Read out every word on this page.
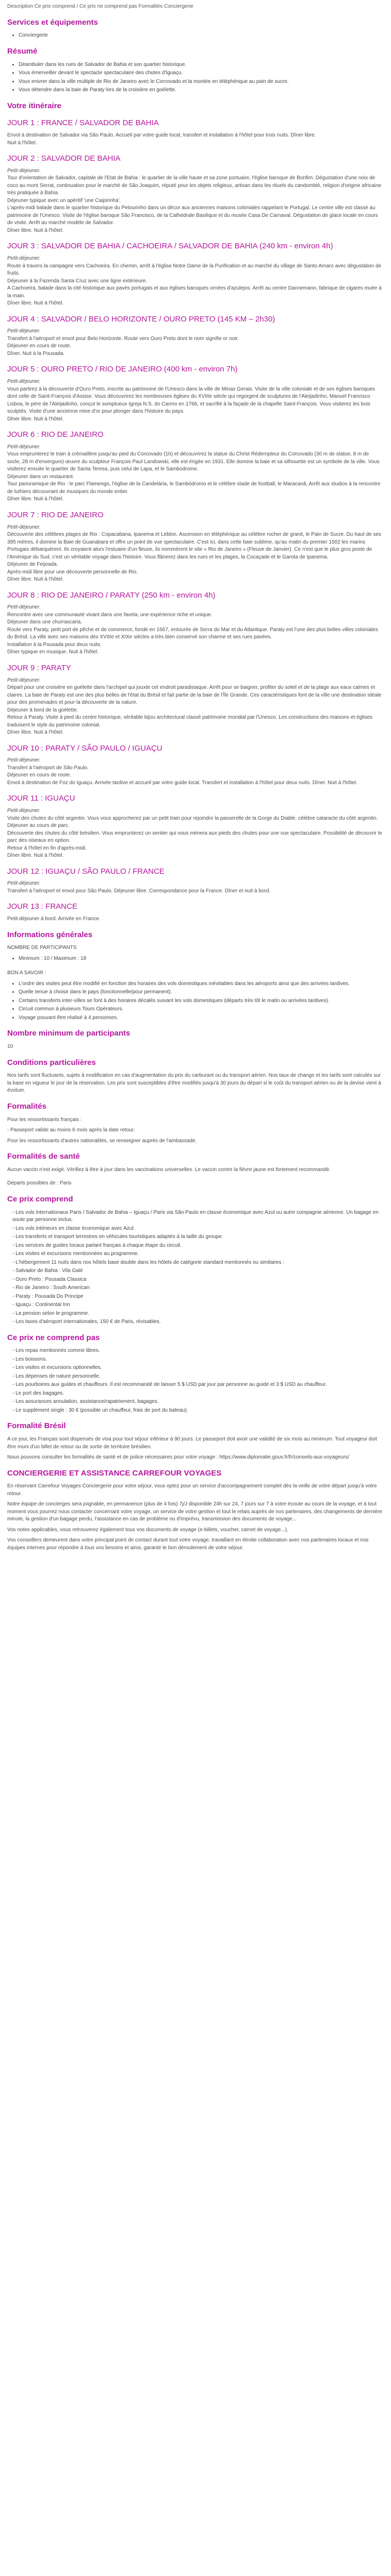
Description Ce prix comprend / Ce prix ne comprend pas Formalités Conciergerie
Services et équipements
• Conciergerie
Résumé
• Déambuler dans les rues de Salvador de Bahia et son quartier historique.
• Vous émerveiller devant le spectacle spectaculaire des chutes d'Iguaçu.
• Vous enivrer dans la ville multiple de Rio de Janeiro avec le Corcovado et la montée en téléphérique au pain de sucre.
• Vous détendre dans la baie de Paraty lors de la croisière en goélette.
Votre itinéraire
JOUR 1 : FRANCE / SALVADOR DE BAHIA

Envol à destination de Salvador via São Paulo. Accueil par votre guide local, transfert et installation à l'hôtel pour trois nuits. Dîner libre.

Nuit à l'hôtel.

JOUR 2 : SALVADOR DE BAHIA

Petit-déjeuner.

Tour d'orientation de Salvador, capitale de l'Etat de Bahia : le quartier de la ville haute et sa zone portuaire, l'église baroque de Bonfim. Dégustation d'une noix de coco au mont Serrat, continuation pour le marché de São Joaquim, réputé pour les objets religieux, artisan dans les rituels du candomblé, religion d'origine africaine très pratiquée à Bahia.

Déjeuner typique avec un apéritif 'une Caipirinha'.

L'après-midi balade dans le quartier historique du Pelourinho dans un décor aux anciennes maisons coloniales rappelant le Portugal. Le centre ville est classé au patrimoine de l'Unesco. Visite de l'église baroque São Francisco, de la Cathédrale Basilique et du musée Casa De Carnaval. Dégustation de glace locale en cours de visite. Arrêt au marché modèle de Salvador.

Dîner libre. Nuit à l'hôtel.

JOUR 3 : SALVADOR DE BAHIA / CACHOEIRA / SALVADOR DE BAHIA (240 km - environ 4h)

Petit-déjeuner.

Route à travers la campagne vers Cachoeira. En chemin, arrêt à l'église Notre Dame de la Purification et au marché du village de Santo Amaro avec dégustation de fruits.

Déjeuner à la Fazenda Santa Cruz avec une ligne extérieure.

A Cachoeira, balade dans la cité historique aux pavés portugais et aux églises baroques ornées d'azulejos. Arrêt au centre Dannemann, fabrique de cigares muée à la main.

Dîner libre. Nuit à l'hôtel.

JOUR 4 : SALVADOR / BELO HORIZONTE / OURO PRETO (145 KM – 2h30)

Petit-déjeuner.

Transfert à l'aéroport et envol pour Belo Horizonte. Route vers Ouro Preto dont le nom signifie or noir.

Déjeuner en cours de route.

Dîner. Nuit à la Pousada.

JOUR 5 : OURO PRETO / RIO DE JANEIRO (400 km - environ 7h)

Petit-déjeuner.

Vous partirez à la découverte d'Ouro Preto, inscrite au patrimoine de l'Unesco dans la ville de Minas Gerais. Visite de la ville coloniale et de ses églises baroques dont celle de Saint-François d'Assise. Vous découvrirez les nombreuses églises du XVIIIe siècle qui regorgent de sculptures de l'Aleijadinho, Manuel Francisco Lisboa, le père de l'Aleijadinho, conçut le somptueux Igreja N.S. do Carmo en 1766, et sacrifié à la façade de la chapelle Saint-François. Vous visiterez les bois sculptés. Visite d'une ancienne mine d'or pour plonger dans l'histoire du pays.

Dîner libre. Nuit à l'hôtel.

JOUR 6 : RIO DE JANEIRO

Petit-déjeuner.

Vous emprunterez le train à crémaillère jusqu'au pied du Corcovado (1h) et découvrirez la statue du Christ Rédempteur du Corcovado (30 m de statue, 8 m de socle, 28 m d'envergure) œuvre du sculpteur François Paul Landowski, elle est érigée en 1931. Elle domine la baie et sa silhouette est un symbole de la ville. Vous visiterez ensuite le quartier de Santa Teresa, puis celui de Lapa, et le Sambodrome.

Déjeuner dans un restaurant.

Tour panoramique de Rio : le parc Flamengo, l'église de la Candelária, le Sambódromo et le célèbre stade de football, le Maracanã. Arrêt aux studios à la rencontre de luthiers découvrant de musiques du monde entier.

Dîner libre. Nuit à l'hôtel.

JOUR 7 : RIO DE JANEIRO

Petit-déjeuner.

Découverte des célèbres plages de Rio : Copacabana, Ipanema et Leblon. Ascension en téléphérique au célèbre rocher de granit, le Pain de Sucre. Du haut de ses 395 mètres, il domine la Baie de Guanabara et offre un point de vue spectaculaire. C'est ici, dans cette baie sublime, qu'au matin du premier 1502 les marins Portugais débarquèrent. Ils croyaient alors l'estuaire d'un fleuve, ils nommèrent le site « Rio de Janeiro » (Fleuve de Janvier). Ce n'est que le plus gros poste de l'Amérique du Sud, c'est un véritable voyage dans l'histoire. Vous flânerez dans les rues et les plages, la Cocaçade et le Garota de Ipanema.

Déjeuner de Feijoada.

Après-midi libre pour une découverte personnelle de Rio.

Dîner libre. Nuit à l'hôtel.

JOUR 8 : RIO DE JANEIRO / PARATY (250 km - environ 4h)

Petit-déjeuner.

Rencontre avec une communauté vivant dans une favela, une expérience riche et unique.

Déjeuner dans une churrascaria.

Route vers Paraty, petit port de pêche et de commerce, fondé en 1667, entourée de Serra do Mar et du Atlantique. Paraty est l'une des plus belles villes coloniales du Brésil. La ville avec ses maisons des XVIIIe et XIXe siècles a très bien conservé son charme et ses rues pavées.

Installation à la Pousada pour deux nuits.

Dîner typique en musique. Nuit à l'hôtel.

JOUR 9 : PARATY

Petit-déjeuner.

Départ pour une croisière en goélette dans l'archipel qui jouxte cet endroit paradisiaque. Arrêt pour se baigner, profiter du soleil et de la plage aux eaux calmes et claires. La baie de Paraty est une des plus belles de l'état du Brésil et fait partie de la baie de l'Île Grande. Ces caractéristiques font de la ville une destination idéale pour des promenades et pour la découverte de la nature.

Déjeuner à bord de la goélette.

Retour à Paraty. Visite à pied du centre historique, véritable bijou architectural classé patrimoine mondial par l'Unesco. Les constructions des maisons et églises traduisent le style du patrimoine colonial.

Dîner libre. Nuit à l'hôtel.

JOUR 10 : PARATY / SÃO PAULO / IGUAÇU

Petit-déjeuner.

Transfert à l'aéroport de São Paulo.

Déjeuner en cours de route.

Envol à destination de Foz do Iguaçu. Arrivée tardive et accueil par votre guide local. Transfert et installation à l'hôtel pour deux nuits. Dîner. Nuit à l'hôtel.

JOUR 11 : IGUAÇU

Petit-déjeuner.

Visite des chutes du côté argentin. Vous vous approcherez par un petit train pour rejoindre la passerelle de la Gorge du Diable, célèbre cataracte du côté argentin.

Déjeuner au cours de parc.

Découverte des chutes du côté brésilien. Vous emprunterez un sentier qui vous mènera aux pieds des chutes pour une vue spectaculaire. Possibilité de découvrir le parc des oiseaux en option.

Retour à l'hôtel en fin d'après-midi.

Dîner libre. Nuit à l'hôtel.

JOUR 12 : IGUAÇU / SÃO PAULO / FRANCE

Petit-déjeuner.

Transfert à l'aéroport et envol pour São Paulo. Déjeuner libre. Correspondance pour la France. Dîner et nuit à bord.

JOUR 13 : FRANCE

Petit-déjeuner à bord. Arrivée en France.

Informations générales

NOMBRE DE PARTICIPANTS

• Minimum : 10 / Maximum : 18

BON A SAVOIR :

• L'ordre des visites peut être modifié en fonction des horaires des vols domestiques inévitables dans les aéroports ainsi que des arrivées tardives.
• Quelle tenue à choisir dans le pays (fonctionnelle/pour permanent).
• Certains transferts inter-villes se font à des horaires décalés suivant les vols domestiques (départs très tôt le matin ou arrivées tardives).
• Circuit commun à plusieurs Tours Opérateurs.
• Voyage pouvant être réalisé à 4 personnes.
Nombre minimum de participants

10

Conditions particulières

Nos tarifs sont fluctuants, sujets à modification en cas d'augmentation du prix du carburant ou du transport aérien. Nos taux de change et les tarifs sont calculés sur la base en vigueur le jour de la réservation. Les prix sont susceptibles d'être modifiés jusqu'à 30 jours du départ si le coût du transport aérien ou de la devise vient à évoluer.

Formalités

Pour les ressortissants français :

- Passeport valide au moins 6 mois après la date retour.

Pour les ressortissants d'autres nationalités, se renseigner auprès de l'ambassade.

Formalités de santé

Aucun vaccin n'est exigé. Vérifiez à être à jour dans les vaccinations universelles. Le vaccin contre la fièvre jaune est fortement recommandé.

Départs possibles de : Paris

Ce prix comprend
- Les vols internationaux Paris / Salvador de Bahia – Iguaçu / Paris via São Paulo en classe économique avec Azul ou autre compagnie aérienne. Un bagage en soute par personne inclus.
- Les vols intérieurs en classe économique avec Azul.
- Les transferts et transport terrestres en véhicules touristiques adaptés à la taille du groupe.
- Les services de guides locaux parlant français à chaque étape du circuit.
- Les visites et excursions mentionnées au programme.
- L'hébergement 11 nuits dans nos hôtels base double dans les hôtels de catégorie standard mentionnés ou similaires :
- Salvador de Bahia : Vila Galé
- Ouro Preto : Pousada Classica
- Rio de Janeiro : South American
- Paraty : Pousada Do Principe
- Iguaçu : Continental Inn
- La pension selon le programme.
- Les taxes d'aéroport internationales, 150 € de Paris, révisables.
Ce prix ne comprend pas
- Les repas mentionnés comme libres.
- Les boissons.
- Les visites et excursions optionnelles.
- Les dépenses de nature personnelle.
- Les pourboires aux guides et chauffeurs. Il est recommandé de laisser 5 $ USD par jour par personne au guide et 3 $ USD au chauffeur.
- Le port des bagages.
- Les assurances annulation, assistance/rapatriement, bagages.
- Le supplément single : 30 € (possible un chauffeur, frais de port du bateau).
Formalité Brésil

A ce jour, les Français sont dispensés de visa pour tout séjour inférieur à 90 jours. Le passeport doit avoir une validité de six mois au minimum. Tout voyageur doit être muni d'un billet de retour ou de sortie de territoire brésilien.

Nous pouvons consulter les formalités de santé et de police nécessaires pour votre voyage : https://www.diplomatie.gouv.fr/fr/conseils-aux-voyageurs/

CONCIERGERIE ET ASSISTANCE CARREFOUR VOYAGES

En réservant Carrefour Voyages Conciergerie pour votre séjour, vous optez pour un service d'accompagnement complet dès la veille de votre départ jusqu'à votre retour.

Notre équipe de concierges sera joignable, en permanence (plus de 4 fois) 7j/J disponible 24h sur 24, 7 jours sur 7 à votre écoute au cours de la voyage, et à tout moment vous pourrez nous contacter concernant votre voyage, un service de votre gestion et tout le relais auprès de nos partenaires, des changements de dernière minute, la gestion d'un bagage perdu, l'assistance en cas de problème ou d'imprévu, transmission des documents de voyage...

Vos notes applicables, vous retrouverez également tous vos documents de voyage (e-billets, voucher, carnet de voyage...).

Vos conseillers demeurent dans votre principal point de contact durant tout votre voyage, travaillant en étroite collaboration avec nos partenaires locaux et nos équipes internes pour répondre à tous vos besoins et ainsi, garantir le bon déroulement de votre séjour.
